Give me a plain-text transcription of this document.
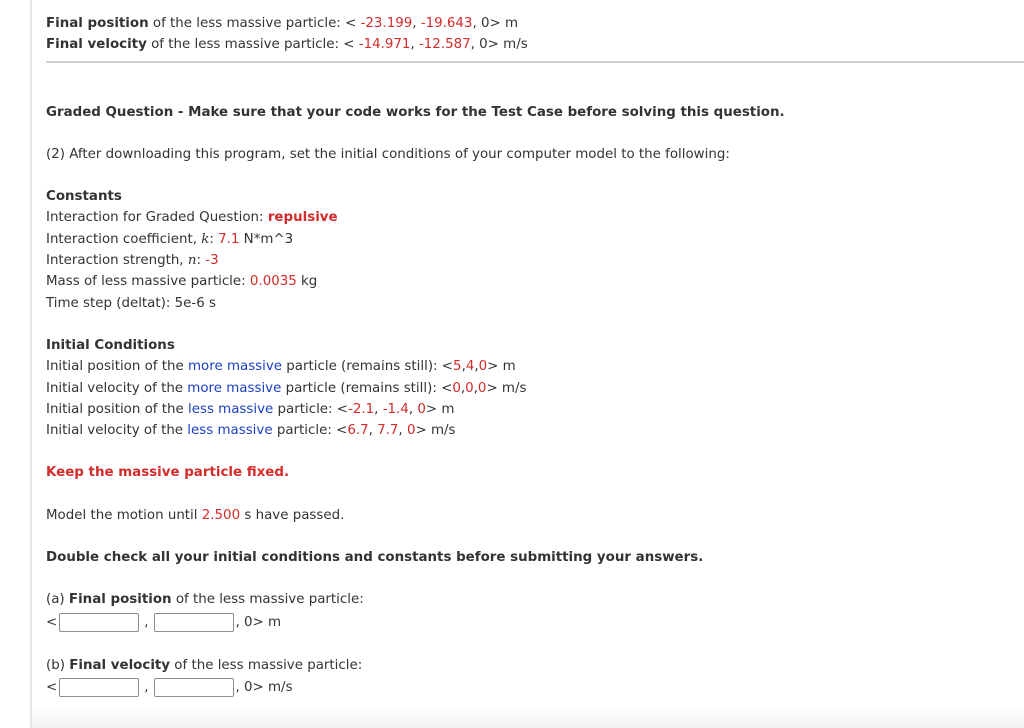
Final position of the less massive particle: < -23.199, -19.643, 0> m
Final velocity of the less massive particle: < -14.971, -12.587, 0> m/s
Graded Question - Make sure that your code works for the Test Case before solving this question.
(2) After downloading this program, set the initial conditions of your computer model to the following:
Constants
Interaction for Graded Question: repulsive
Interaction coefficient, k: 7.1 N*m^3
Interaction strength, n: -3
Mass of less massive particle: 0.0035 kg
Time step (deltat): 5e-6 s
Initial Conditions
Initial position of the more massive particle (remains still): <5,4,0> m
Initial velocity of the more massive particle (remains still): <0,0,0> m/s
Initial position of the less massive particle: <-2.1, -1.4, 0> m
Initial velocity of the less massive particle: <6.7, 7.7, 0> m/s
Keep the massive particle fixed.
Model the motion until 2.500 s have passed.
Double check all your initial conditions and constants before submitting your answers.
(a) Final position of the less massive particle:
<	,	, 0> m
(b) Final velocity of the less massive particle:
<	,	, 0> m/s
